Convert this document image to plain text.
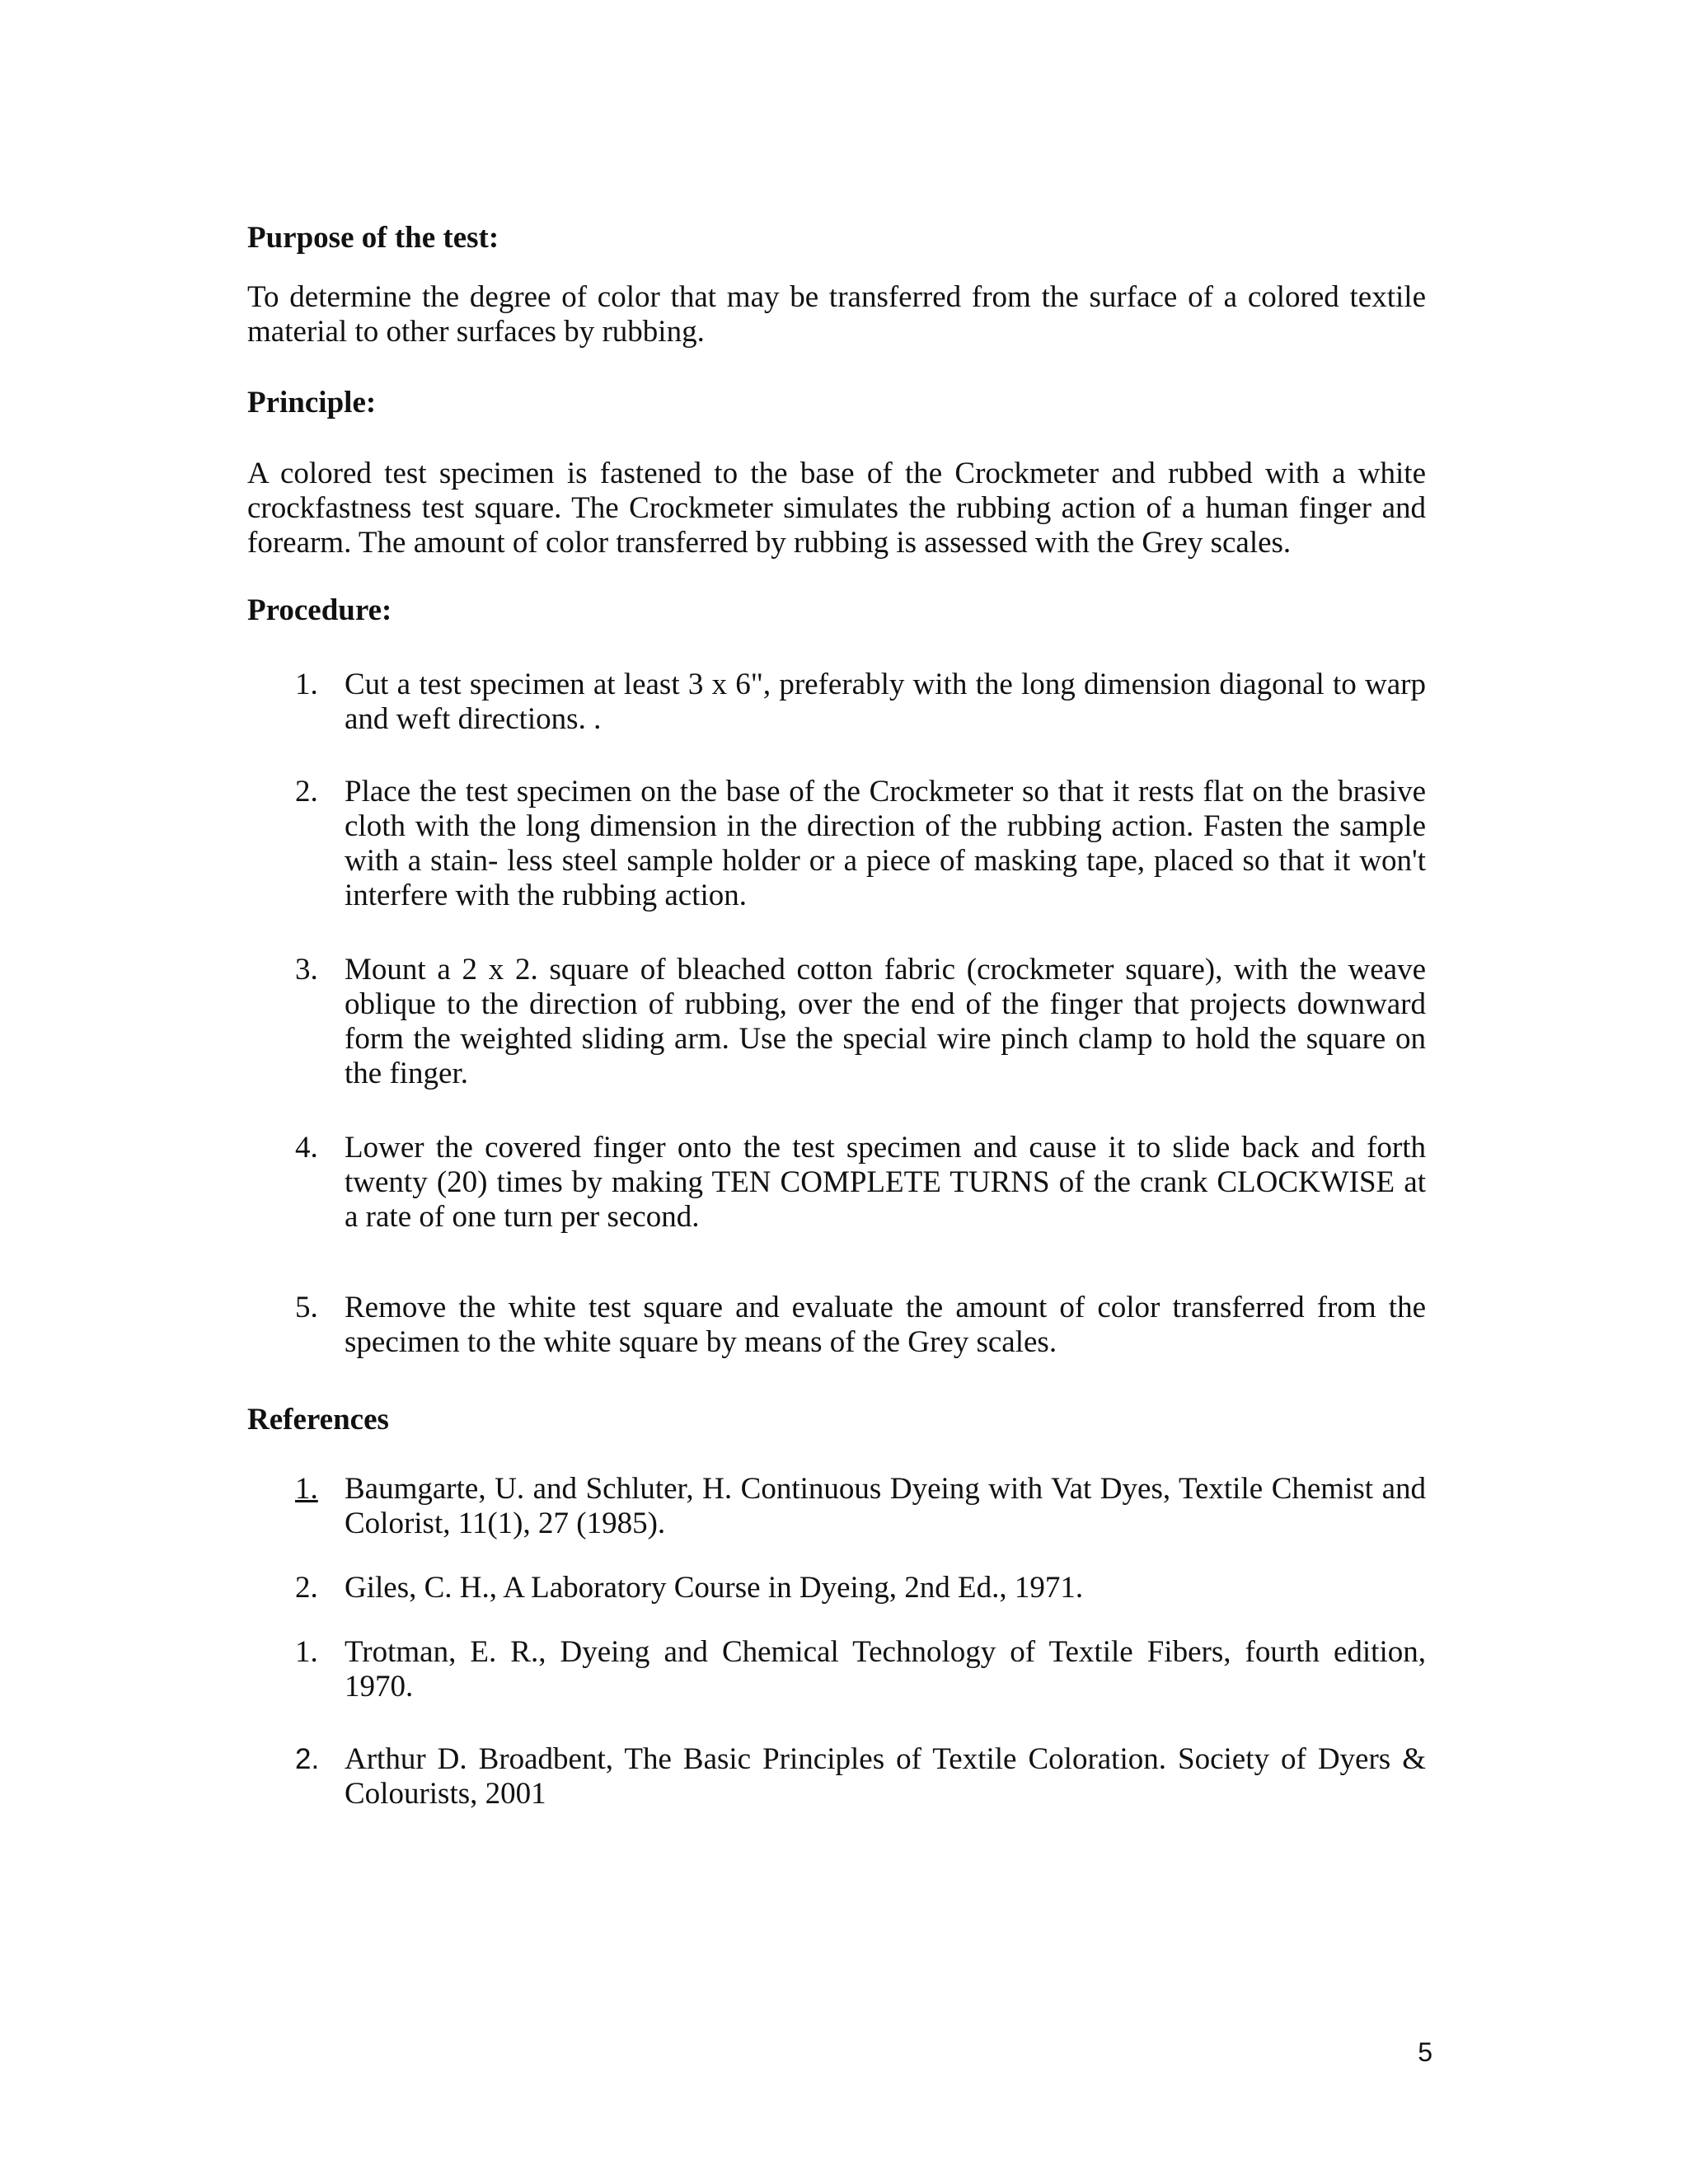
Purpose of the test:

To determine the degree of color that may be transferred from the surface of a colored textile material to other surfaces by rubbing.

Principle:

A colored test specimen is fastened to the base of the Crockmeter and rubbed with a white crockfastness test square. The Crockmeter simulates the rubbing action of a human finger and forearm. The amount of color transferred by rubbing is assessed with the Grey scales.

Procedure:

1. Cut a test specimen at least 3 x 6", preferably with the long dimension diagonal to warp and weft directions. .
2. Place the test specimen on the base of the Crockmeter so that it rests flat on the brasive cloth with the long dimension in the direction of the rubbing action. Fasten the sample with a stain- less steel sample holder or a piece of masking tape, placed so that it won't interfere with the rubbing action.
3. Mount a 2 x 2. square of bleached cotton fabric (crockmeter square), with the weave oblique to the direction of rubbing, over the end of the finger that projects downward form the weighted sliding arm. Use the special wire pinch clamp to hold the square on the finger.
4. Lower the covered finger onto the test specimen and cause it to slide back and forth twenty (20) times by making TEN COMPLETE TURNS of the crank CLOCKWISE at a rate of one turn per second.
5. Remove the white test square and evaluate the amount of color transferred from the specimen to the white square by means of the Grey scales.

References

1. Baumgarte, U. and Schluter, H. Continuous Dyeing with Vat Dyes, Textile Chemist and Colorist, 11(1), 27 (1985).
2. Giles, C. H., A Laboratory Course in Dyeing, 2nd Ed., 1971.
1. Trotman, E. R., Dyeing and Chemical Technology of Textile Fibers, fourth edition, 1970.
2. Arthur D. Broadbent, The Basic Principles of Textile Coloration. Society of Dyers & Colourists, 2001
5
